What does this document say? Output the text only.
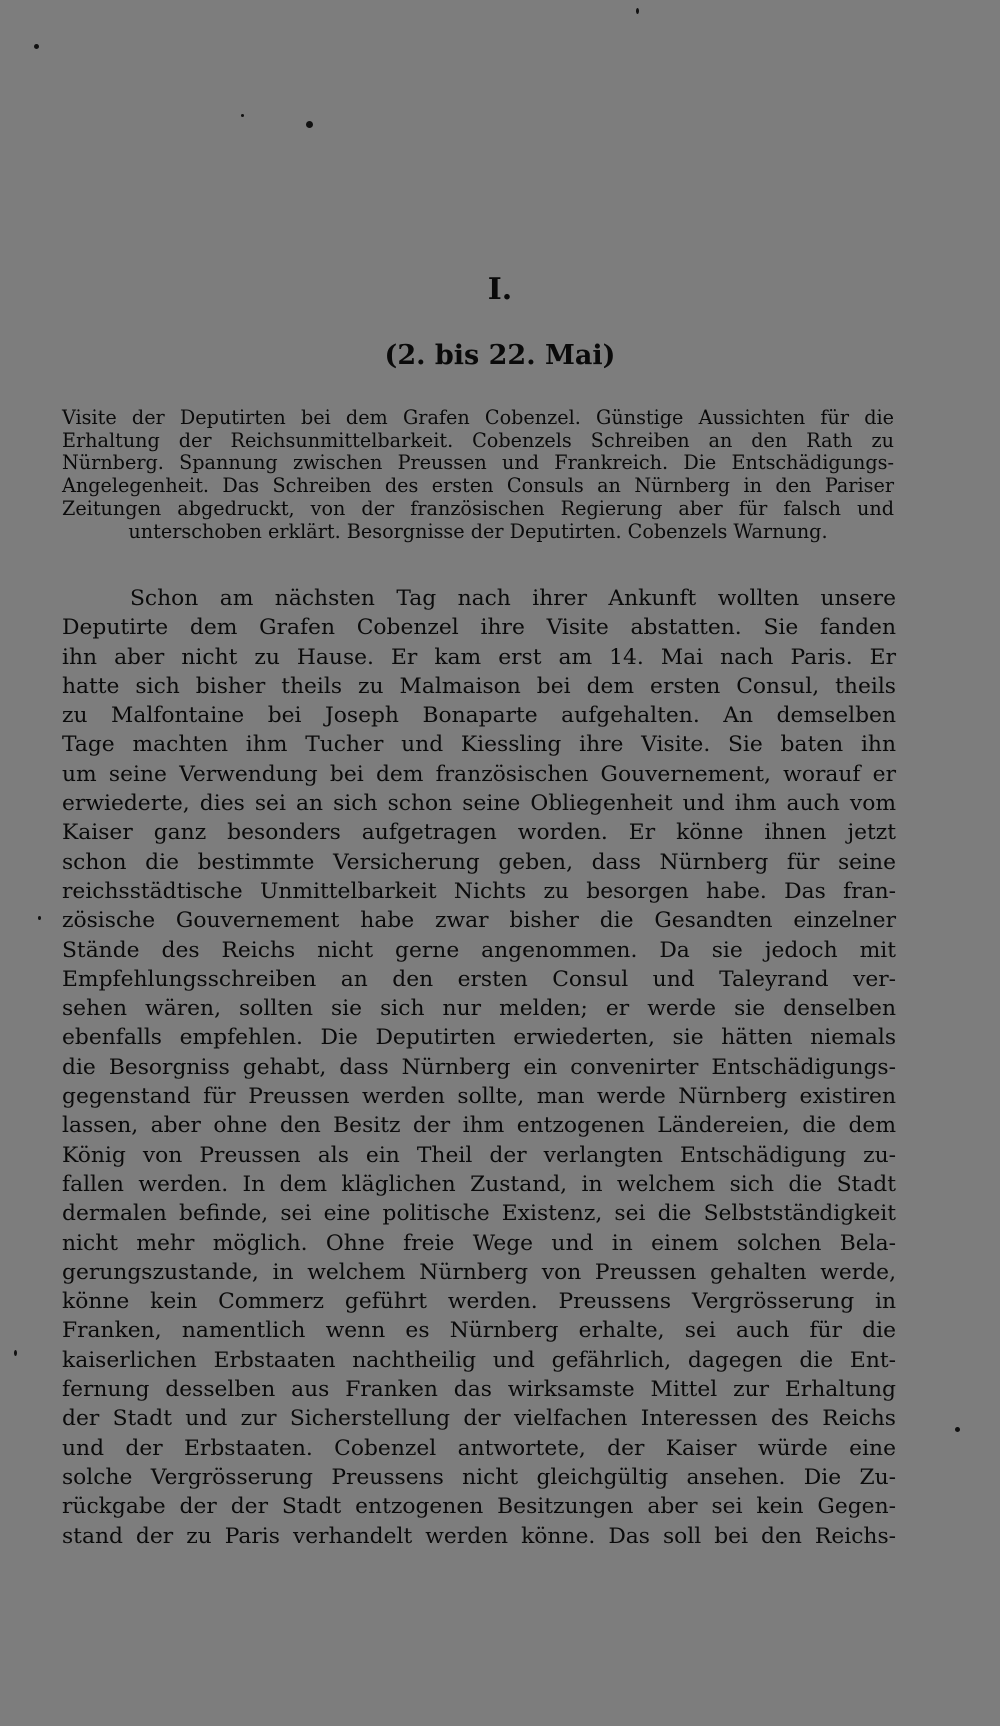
I.
(2. bis 22. Mai)
Visite der Deputirten bei dem Grafen Cobenzel. Günstige Aussichten für die
Erhaltung der Reichsunmittelbarkeit. Cobenzels Schreiben an den Rath zu
Nürnberg. Spannung zwischen Preussen und Frankreich. Die Entschädigungs-
Angelegenheit. Das Schreiben des ersten Consuls an Nürnberg in den Pariser
Zeitungen abgedruckt, von der französischen Regierung aber für falsch und
unterschoben erklärt. Besorgnisse der Deputirten. Cobenzels Warnung.
Schon am nächsten Tag nach ihrer Ankunft wollten unsere
Deputirte dem Grafen Cobenzel ihre Visite abstatten. Sie fanden
ihn aber nicht zu Hause. Er kam erst am 14. Mai nach Paris. Er
hatte sich bisher theils zu Malmaison bei dem ersten Consul, theils
zu Malfontaine bei Joseph Bonaparte aufgehalten. An demselben
Tage machten ihm Tucher und Kiessling ihre Visite. Sie baten ihn
um seine Verwendung bei dem französischen Gouvernement, worauf er
erwiederte, dies sei an sich schon seine Obliegenheit und ihm auch vom
Kaiser ganz besonders aufgetragen worden. Er könne ihnen jetzt
schon die bestimmte Versicherung geben, dass Nürnberg für seine
reichsstädtische Unmittelbarkeit Nichts zu besorgen habe. Das fran-
zösische Gouvernement habe zwar bisher die Gesandten einzelner
Stände des Reichs nicht gerne angenommen. Da sie jedoch mit
Empfehlungsschreiben an den ersten Consul und Taleyrand ver-
sehen wären, sollten sie sich nur melden; er werde sie denselben
ebenfalls empfehlen. Die Deputirten erwiederten, sie hätten niemals
die Besorgniss gehabt, dass Nürnberg ein convenirter Entschädigungs-
gegenstand für Preussen werden sollte, man werde Nürnberg existiren
lassen, aber ohne den Besitz der ihm entzogenen Ländereien, die dem
König von Preussen als ein Theil der verlangten Entschädigung zu-
fallen werden. In dem kläglichen Zustand, in welchem sich die Stadt
dermalen befinde, sei eine politische Existenz, sei die Selbstständigkeit
nicht mehr möglich. Ohne freie Wege und in einem solchen Bela-
gerungszustande, in welchem Nürnberg von Preussen gehalten werde,
könne kein Commerz geführt werden. Preussens Vergrösserung in
Franken, namentlich wenn es Nürnberg erhalte, sei auch für die
kaiserlichen Erbstaaten nachtheilig und gefährlich, dagegen die Ent-
fernung desselben aus Franken das wirksamste Mittel zur Erhaltung
der Stadt und zur Sicherstellung der vielfachen Interessen des Reichs
und der Erbstaaten. Cobenzel antwortete, der Kaiser würde eine
solche Vergrösserung Preussens nicht gleichgültig ansehen. Die Zu-
rückgabe der der Stadt entzogenen Besitzungen aber sei kein Gegen-
stand der zu Paris verhandelt werden könne. Das soll bei den Reichs-
